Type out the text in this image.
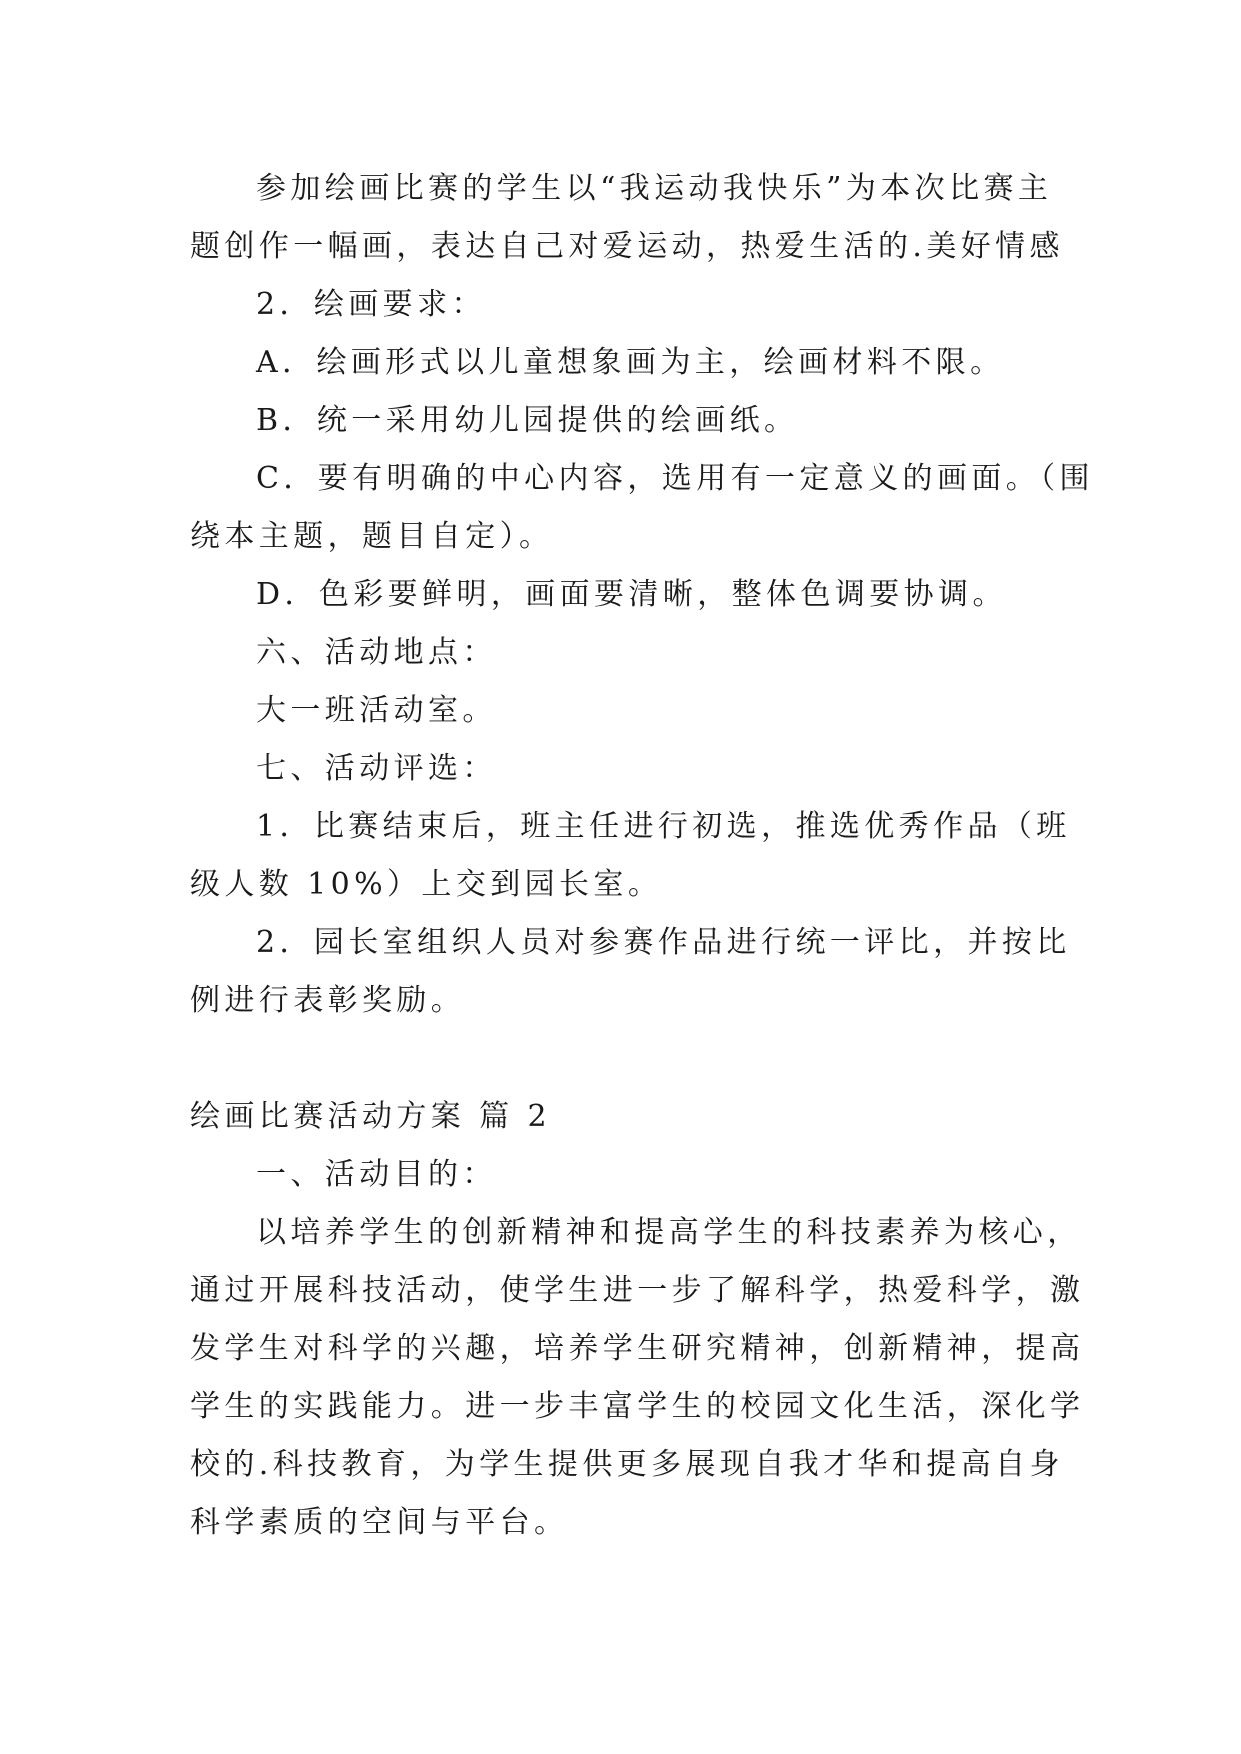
参加绘画比赛的学生以“我运动我快乐”为本次比赛主
题创作一幅画，表达自己对爱运动，热爱生活的.美好情感
2．绘画要求：
A．绘画形式以儿童想象画为主，绘画材料不限。
B．统一采用幼儿园提供的绘画纸。
C．要有明确的中心内容，选用有一定意义的画面。（围
绕本主题，题目自定）。
D．色彩要鲜明，画面要清晰，整体色调要协调。
六、活动地点：
大一班活动室。
七、活动评选：
1．比赛结束后，班主任进行初选，推选优秀作品（班
级人数 10%）上交到园长室。
2．园长室组织人员对参赛作品进行统一评比，并按比
例进行表彰奖励。
绘画比赛活动方案 篇 2
一、活动目的：
以培养学生的创新精神和提高学生的科技素养为核心，
通过开展科技活动，使学生进一步了解科学，热爱科学，激
发学生对科学的兴趣，培养学生研究精神，创新精神，提高
学生的实践能力。进一步丰富学生的校园文化生活，深化学
校的.科技教育，为学生提供更多展现自我才华和提高自身
科学素质的空间与平台。
